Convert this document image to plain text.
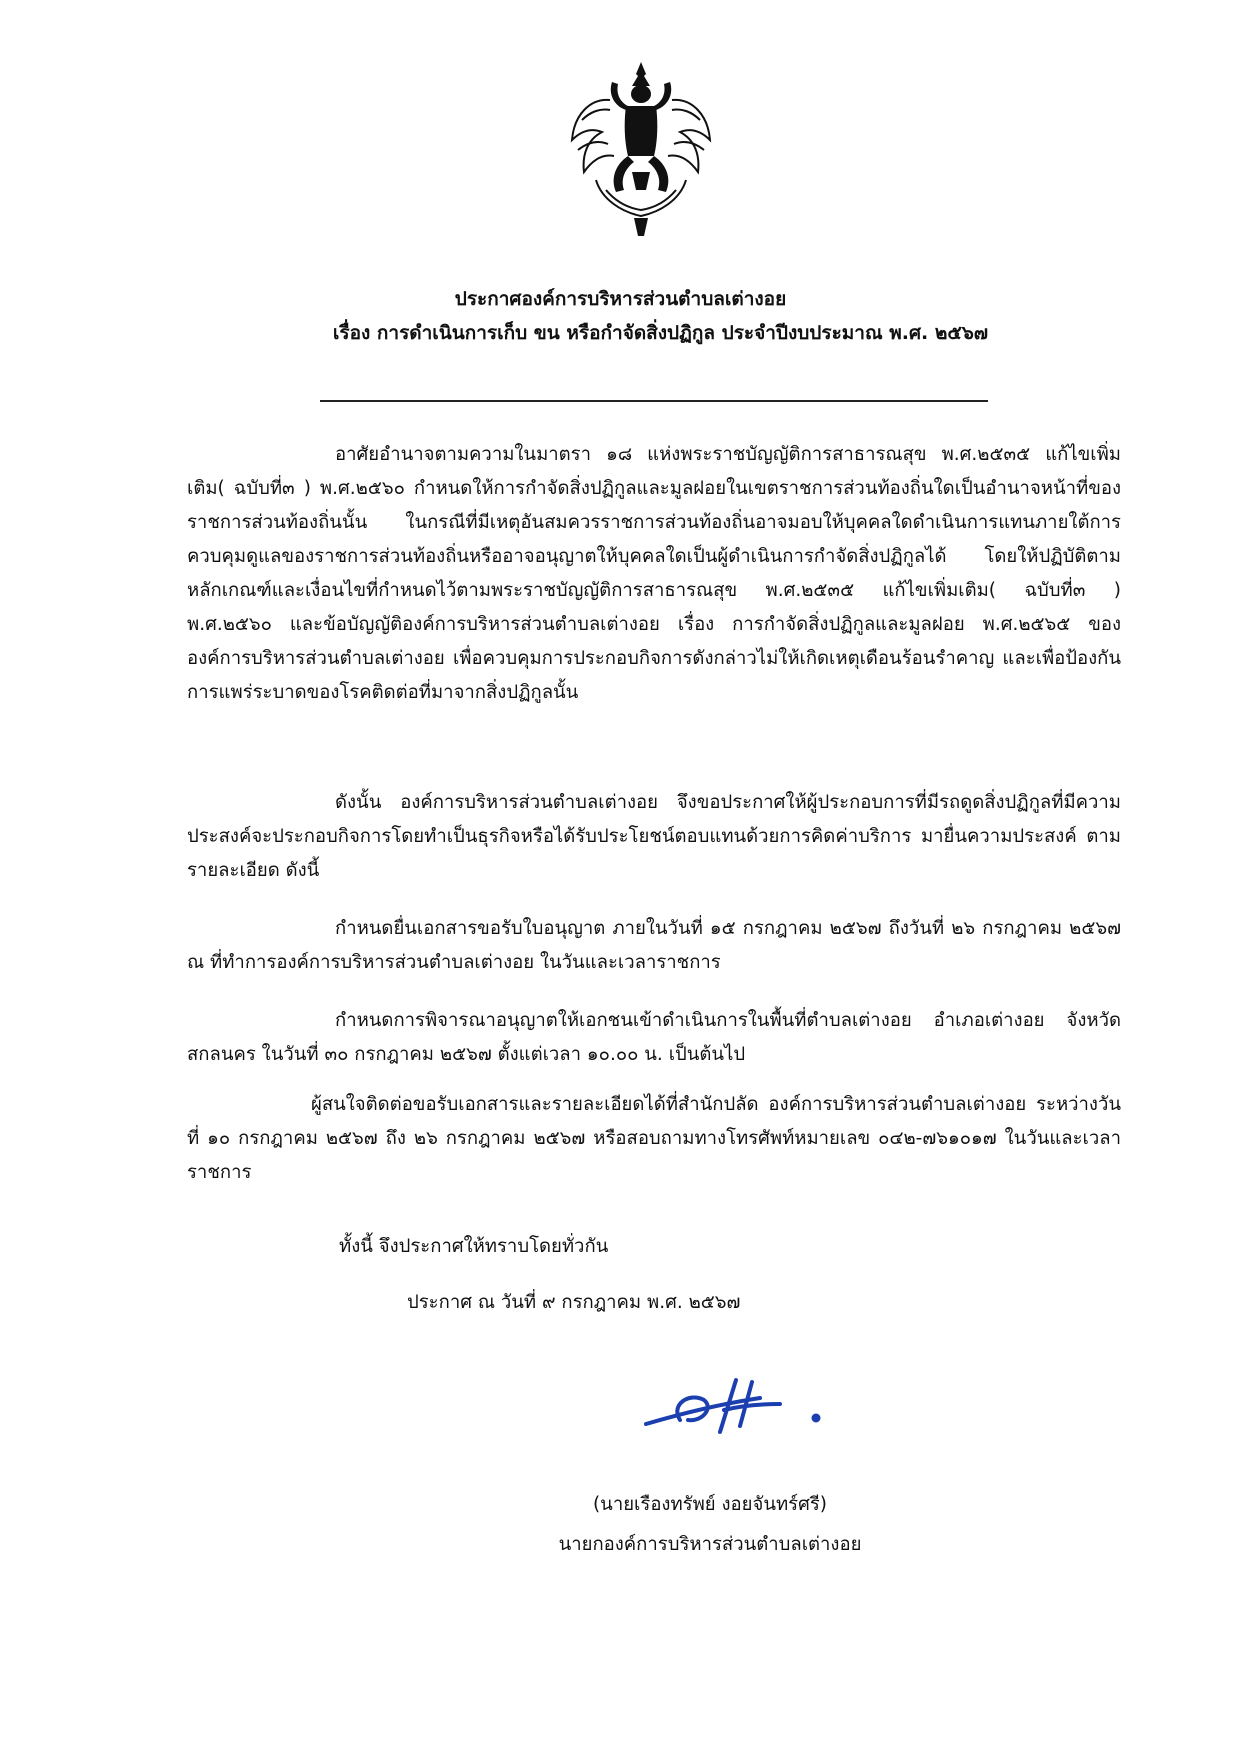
ประกาศองค์การบริหารส่วนตำบลเต่างอย
เรื่อง การดำเนินการเก็บ ขน หรือกำจัดสิ่งปฏิกูล ประจำปีงบประมาณ พ.ศ. ๒๕๖๗
อาศัยอำนาจตามความในมาตรา ๑๘ แห่งพระราชบัญญัติการสาธารณสุข พ.ศ.๒๕๓๕ แก้ไขเพิ่มเติม( ฉบับที่๓ ) พ.ศ.๒๕๖๐ กำหนดให้การกำจัดสิ่งปฏิกูลและมูลฝอยในเขตราชการส่วนท้องถิ่นใดเป็นอำนาจหน้าที่ของราชการส่วนท้องถิ่นนั้น ในกรณีที่มีเหตุอันสมควรราชการส่วนท้องถิ่นอาจมอบให้บุคคลใดดำเนินการแทนภายใต้การควบคุมดูแลของราชการส่วนท้องถิ่นหรืออาจอนุญาตให้บุคคลใดเป็นผู้ดำเนินการกำจัดสิ่งปฏิกูลได้ โดยให้ปฏิบัติตามหลักเกณฑ์และเงื่อนไขที่กำหนดไว้ตามพระราชบัญญัติการสาธารณสุข พ.ศ.๒๕๓๕ แก้ไขเพิ่มเติม( ฉบับที่๓ ) พ.ศ.๒๕๖๐ และข้อบัญญัติองค์การบริหารส่วนตำบลเต่างอย เรื่อง การกำจัดสิ่งปฏิกูลและมูลฝอย พ.ศ.๒๕๖๕ ขององค์การบริหารส่วนตำบลเต่างอย เพื่อควบคุมการประกอบกิจการดังกล่าวไม่ให้เกิดเหตุเดือนร้อนรำคาญ และเพื่อป้องกันการแพร่ระบาดของโรคติดต่อที่มาจากสิ่งปฏิกูลนั้น
ดังนั้น องค์การบริหารส่วนตำบลเต่างอย จึงขอประกาศให้ผู้ประกอบการที่มีรถดูดสิ่งปฏิกูลที่มีความประสงค์จะประกอบกิจการโดยทำเป็นธุรกิจหรือได้รับประโยชน์ตอบแทนด้วยการคิดค่าบริการ มายื่นความประสงค์ ตามรายละเอียด ดังนี้
กำหนดยื่นเอกสารขอรับใบอนุญาต ภายในวันที่ ๑๕ กรกฎาคม ๒๕๖๗ ถึงวันที่ ๒๖ กรกฎาคม ๒๕๖๗ ณ ที่ทำการองค์การบริหารส่วนตำบลเต่างอย ในวันและเวลาราชการ
กำหนดการพิจารณาอนุญาตให้เอกชนเข้าดำเนินการในพื้นที่ตำบลเต่างอย อำเภอเต่างอย จังหวัดสกลนคร ในวันที่ ๓๐ กรกฎาคม ๒๕๖๗ ตั้งแต่เวลา ๑๐.๐๐ น. เป็นต้นไป
ผู้สนใจติดต่อขอรับเอกสารและรายละเอียดได้ที่สำนักปลัด องค์การบริหารส่วนตำบลเต่างอย ระหว่างวันที่ ๑๐ กรกฎาคม ๒๕๖๗ ถึง ๒๖ กรกฎาคม ๒๕๖๗ หรือสอบถามทางโทรศัพท์หมายเลข ๐๔๒-๗๖๑๐๑๗ ในวันและเวลาราชการ
ทั้งนี้ จึงประกาศให้ทราบโดยทั่วกัน
ประกาศ ณ วันที่ ๙ กรกฎาคม พ.ศ. ๒๕๖๗
(นายเรืองทรัพย์ งอยจันทร์ศรี)
นายกองค์การบริหารส่วนตำบลเต่างอย
